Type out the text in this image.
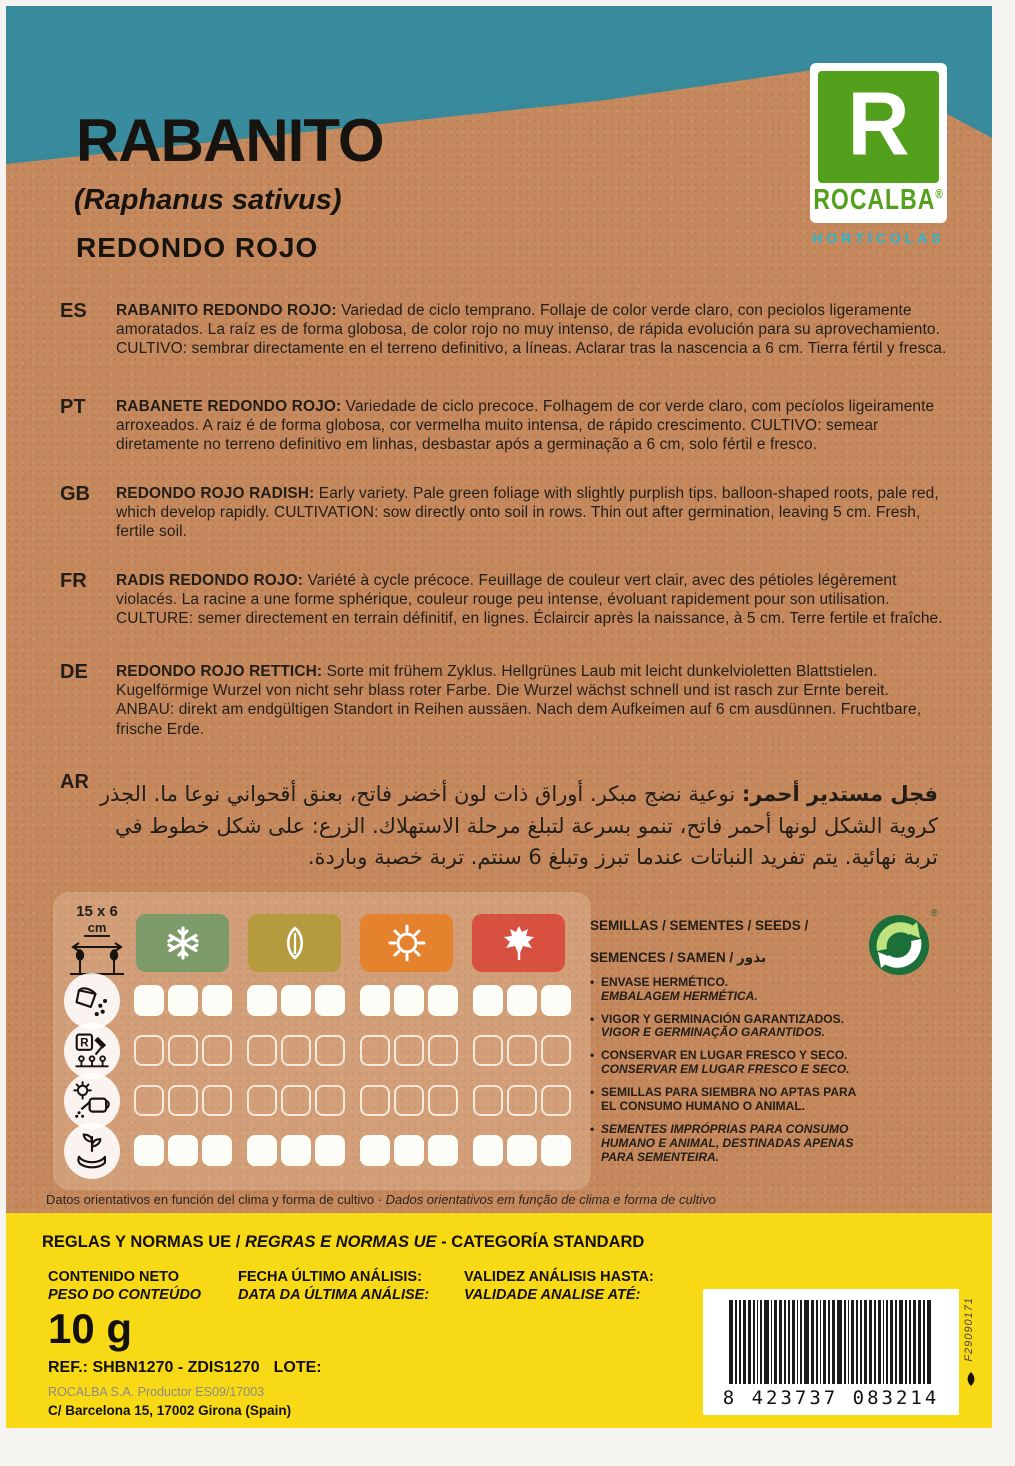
RABANITO
(Raphanus sativus)
REDONDO ROJO
R
ROCALBA®
HORTÍCOLAS
ES RABANITO REDONDO ROJO: Variedad de ciclo temprano. Follaje de color verde claro, con peciolos ligeramente amoratados. La raíz es de forma globosa, de color rojo no muy intenso, de rápida evolución para su aprovechamiento. CULTIVO: sembrar directamente en el terreno definitivo, a líneas. Aclarar tras la nascencia a 6 cm. Tierra fértil y fresca.
PT RABANETE REDONDO ROJO: Variedade de ciclo precoce. Folhagem de cor verde claro, com pecíolos ligeiramente arroxeados. A raiz é de forma globosa, cor vermelha muito intensa, de rápido crescimento. CULTIVO: semear diretamente no terreno definitivo em linhas, desbastar após a germinação a 6 cm, solo fértil e fresco.
GB REDONDO ROJO RADISH: Early variety. Pale green foliage with slightly purplish tips. balloon-shaped roots, pale red, which develop rapidly. CULTIVATION: sow directly onto soil in rows. Thin out after germination, leaving 5 cm. Fresh, fertile soil.
FR RADIS REDONDO ROJO: Variété à cycle précoce. Feuillage de couleur vert clair, avec des pétioles légèrement violacés. La racine a une forme sphérique, couleur rouge peu intense, évoluant rapidement pour son utilisation. CULTURE: semer directement en terrain définitif, en lignes. Éclaircir après la naissance, à 5 cm. Terre fertile et fraîche.
DE REDONDO ROJO RETTICH: Sorte mit frühem Zyklus. Hellgrünes Laub mit leicht dunkelvioletten Blattstielen. Kugelförmige Wurzel von nicht sehr blass roter Farbe. Die Wurzel wächst schnell und ist rasch zur Ernte bereit. ANBAU: direkt am endgültigen Standort in Reihen aussäen. Nach dem Aufkeimen auf 6 cm ausdünnen. Fruchtbare, frische Erde.
AR	فجل مستدير أحمر: نوعية نضج مبكر. أوراق ذات لون أخضر فاتح، بعنق أقحواني نوعا ما. الجذر كروية الشكل لونها أحمر فاتح، تنمو بسرعة لتبلغ مرحلة الاستهلاك. الزرع: على شكل خطوط في تربة نهائية. يتم تفريد النباتات عندما تبرز وتبلغ 6 سنتم. تربة خصبة وباردة.
15 x 6
cm
R
Datos orientativos en función del clima y forma de cultivo · Dados orientativos em função de clima e forma de cultivo
SEMILLAS / SEMENTES / SEEDS /

SEMENCES / SAMEN / بذور
• ENVASE HERMÉTICO.
EMBALAGEM HERMÉTICA.
• VIGOR Y GERMINACIÓN GARANTIZADOS.
VIGOR E GERMINAÇÃO GARANTIDOS.
• CONSERVAR EN LUGAR FRESCO Y SECO.
CONSERVAR EM LUGAR FRESCO E SECO.
• SEMILLAS PARA SIEMBRA NO APTAS PARA EL CONSUMO HUMANO O ANIMAL.
• SEMENTES IMPRÓPRIAS PARA CONSUMO HUMANO E ANIMAL, DESTINADAS APENAS PARA SEMENTEIRA.
®
REGLAS Y NORMAS UE / REGRAS E NORMAS UE - CATEGORÍA STANDARD
CONTENIDO NETO
PESO DO CONTEÚDO
10 g
REF.: SHBN1270 - ZDIS1270 LOTE:
ROCALBA S.A. Productor ES09/17003
C/ Barcelona 15, 17002 Girona (Spain)
FECHA ÚLTIMO ANÁLISIS:
DATA DA ÚLTIMA ANÁLISE:
VALIDEZ ANÁLISIS HASTA:
VALIDADE ANALISE ATÉ:
8 423737 083214
F29090171
